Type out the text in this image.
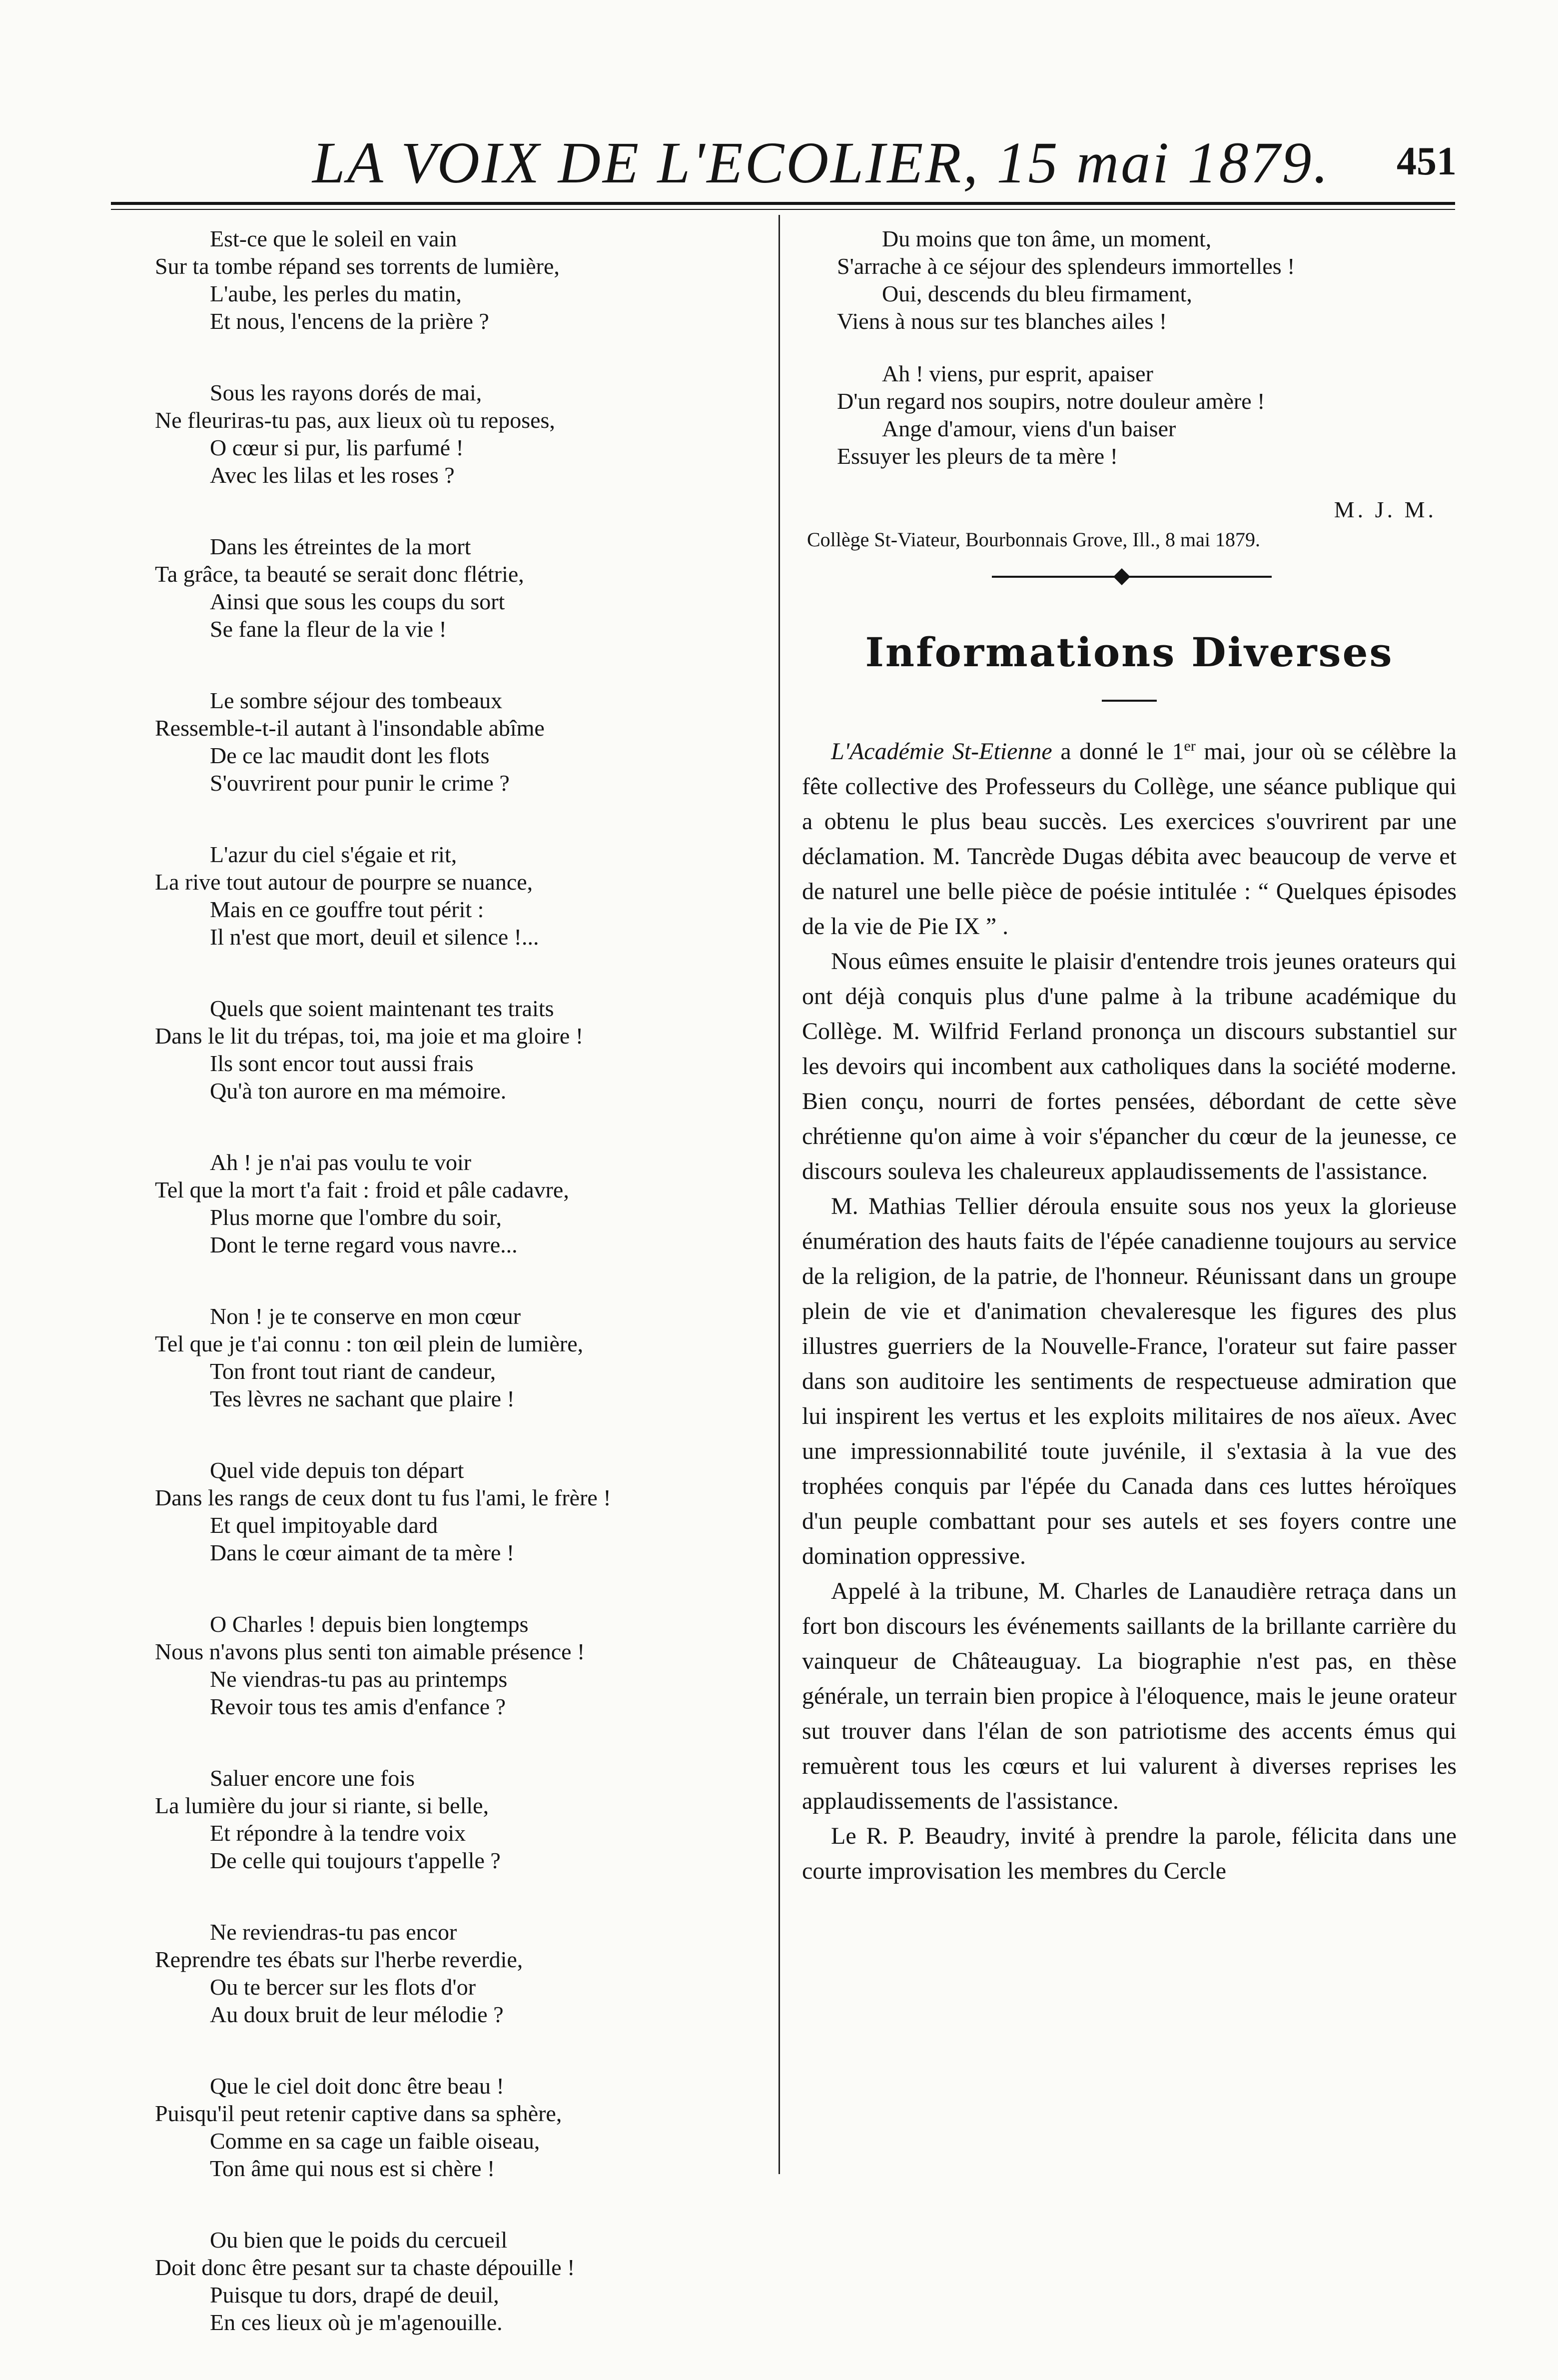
LA VOIX DE L'ECOLIER, 15 mai 1879. 451
Est-ce que le soleil en vain
Sur ta tombe répand ses torrents de lumière,
L'aube, les perles du matin,
Et nous, l'encens de la prière ?
Sous les rayons dorés de mai,
Ne fleuriras-tu pas, aux lieux où tu reposes,
O cœur si pur, lis parfumé !
Avec les lilas et les roses ?
Dans les étreintes de la mort
Ta grâce, ta beauté se serait donc flétrie,
Ainsi que sous les coups du sort
Se fane la fleur de la vie !
Le sombre séjour des tombeaux
Ressemble-t-il autant à l'insondable abîme
De ce lac maudit dont les flots
S'ouvrirent pour punir le crime ?
L'azur du ciel s'égaie et rit,
La rive tout autour de pourpre se nuance,
Mais en ce gouffre tout périt :
Il n'est que mort, deuil et silence !...
Quels que soient maintenant tes traits
Dans le lit du trépas, toi, ma joie et ma gloire !
Ils sont encor tout aussi frais
Qu'à ton aurore en ma mémoire.
Ah ! je n'ai pas voulu te voir
Tel que la mort t'a fait : froid et pâle cadavre,
Plus morne que l'ombre du soir,
Dont le terne regard vous navre...
Non ! je te conserve en mon cœur
Tel que je t'ai connu : ton œil plein de lumière,
Ton front tout riant de candeur,
Tes lèvres ne sachant que plaire !
Quel vide depuis ton départ
Dans les rangs de ceux dont tu fus l'ami, le frère !
Et quel impitoyable dard
Dans le cœur aimant de ta mère !
O Charles ! depuis bien longtemps
Nous n'avons plus senti ton aimable présence !
Ne viendras-tu pas au printemps
Revoir tous tes amis d'enfance ?
Saluer encore une fois
La lumière du jour si riante, si belle,
Et répondre à la tendre voix
De celle qui toujours t'appelle ?
Ne reviendras-tu pas encor
Reprendre tes ébats sur l'herbe reverdie,
Ou te bercer sur les flots d'or
Au doux bruit de leur mélodie ?
Que le ciel doit donc être beau !
Puisqu'il peut retenir captive dans sa sphère,
Comme en sa cage un faible oiseau,
Ton âme qui nous est si chère !
Ou bien que le poids du cercueil
Doit donc être pesant sur ta chaste dépouille !
Puisque tu dors, drapé de deuil,
En ces lieux où je m'agenouille.
Du moins que ton âme, un moment,
S'arrache à ce séjour des splendeurs immortelles !
Oui, descends du bleu firmament,
Viens à nous sur tes blanches ailes !
Ah ! viens, pur esprit, apaiser
D'un regard nos soupirs, notre douleur amère !
Ange d'amour, viens d'un baiser
Essuyer les pleurs de ta mère !
M. J. M.
Collège St-Viateur, Bourbonnais Grove, Ill., 8 mai 1879.
Informations Diverses

L'Académie St-Etienne a donné le 1er mai, jour où se célèbre la fête collective des Professeurs du Collège, une séance publique qui a obtenu le plus beau succès. Les exercices s'ouvrirent par une déclamation. M. Tancrède Dugas débita avec beaucoup de verve et de naturel une belle pièce de poésie intitulée : “ Quelques épisodes de la vie de Pie IX ” .

Nous eûmes ensuite le plaisir d'entendre trois jeunes orateurs qui ont déjà conquis plus d'une palme à la tribune académique du Collège. M. Wilfrid Ferland prononça un discours substantiel sur les devoirs qui incombent aux catholiques dans la société moderne. Bien conçu, nourri de fortes pensées, débordant de cette sève chrétienne qu'on aime à voir s'épancher du cœur de la jeunesse, ce discours souleva les chaleureux applaudissements de l'assistance.

M. Mathias Tellier déroula ensuite sous nos yeux la glorieuse énumération des hauts faits de l'épée canadienne toujours au service de la religion, de la patrie, de l'honneur. Réunissant dans un groupe plein de vie et d'animation chevaleresque les figures des plus illustres guerriers de la Nouvelle-France, l'orateur sut faire passer dans son auditoire les sentiments de respectueuse admiration que lui inspirent les vertus et les exploits militaires de nos aïeux. Avec une impressionnabilité toute juvénile, il s'extasia à la vue des trophées conquis par l'épée du Canada dans ces luttes héroïques d'un peuple combattant pour ses autels et ses foyers contre une domination oppressive.

Appelé à la tribune, M. Charles de Lanaudière retraça dans un fort bon discours les événements saillants de la brillante carrière du vainqueur de Châteauguay. La biographie n'est pas, en thèse générale, un terrain bien propice à l'éloquence, mais le jeune orateur sut trouver dans l'élan de son patriotisme des accents émus qui remuèrent tous les cœurs et lui valurent à diverses reprises les applaudissements de l'assistance.

Le R. P. Beaudry, invité à prendre la parole, félicita dans une courte improvisation les membres du Cercle
